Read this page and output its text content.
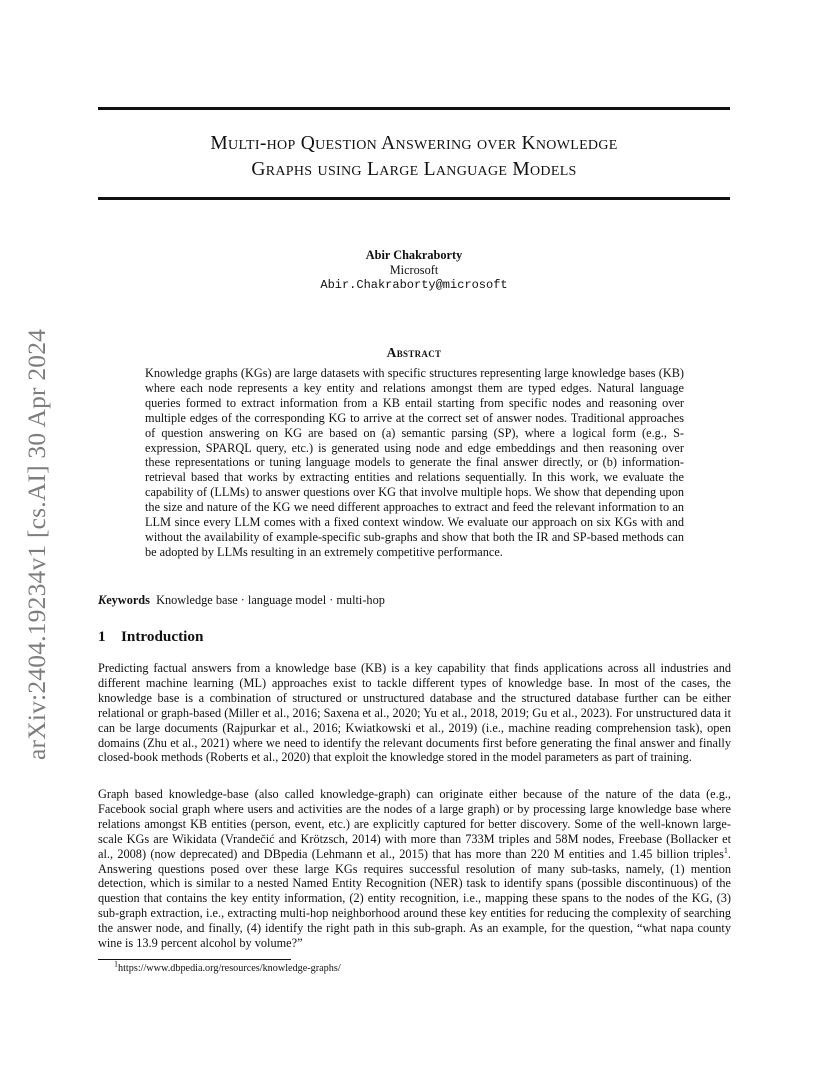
arXiv:2404.19234v1 [cs.AI] 30 Apr 2024
Multi-hop Question Answering over Knowledge
Graphs using Large Language Models
Abir Chakraborty
Microsoft
Abir.Chakraborty@microsoft
Abstract
Knowledge graphs (KGs) are large datasets with specific structures representing large knowledge bases (KB) where each node represents a key entity and relations amongst them are typed edges. Natural language queries formed to extract information from a KB entail starting from specific nodes and reasoning over multiple edges of the corresponding KG to arrive at the correct set of answer nodes. Traditional approaches of question answering on KG are based on (a) semantic parsing (SP), where a logical form (e.g., S-expression, SPARQL query, etc.) is generated using node and edge embeddings and then reasoning over these representations or tuning language models to generate the final answer directly, or (b) information-retrieval based that works by extracting entities and relations sequentially. In this work, we evaluate the capability of (LLMs) to answer questions over KG that involve multiple hops. We show that depending upon the size and nature of the KG we need different approaches to extract and feed the relevant information to an LLM since every LLM comes with a fixed context window. We evaluate our approach on six KGs with and without the availability of example-specific sub-graphs and show that both the IR and SP-based methods can be adopted by LLMs resulting in an extremely competitive performance.
Keywords Knowledge base · language model · multi-hop
1 Introduction
Predicting factual answers from a knowledge base (KB) is a key capability that finds applications across all industries and different machine learning (ML) approaches exist to tackle different types of knowledge base. In most of the cases, the knowledge base is a combination of structured or unstructured database and the structured database further can be either relational or graph-based (Miller et al., 2016; Saxena et al., 2020; Yu et al., 2018, 2019; Gu et al., 2023). For unstructured data it can be large documents (Rajpurkar et al., 2016; Kwiatkowski et al., 2019) (i.e., machine reading comprehension task), open domains (Zhu et al., 2021) where we need to identify the relevant documents first before generating the final answer and finally closed-book methods (Roberts et al., 2020) that exploit the knowledge stored in the model parameters as part of training.
Graph based knowledge-base (also called knowledge-graph) can originate either because of the nature of the data (e.g., Facebook social graph where users and activities are the nodes of a large graph) or by processing large knowledge base where relations amongst KB entities (person, event, etc.) are explicitly captured for better discovery. Some of the well-known large-scale KGs are Wikidata (Vrandečić and Krötzsch, 2014) with more than 733M triples and 58M nodes, Freebase (Bollacker et al., 2008) (now deprecated) and DBpedia (Lehmann et al., 2015) that has more than 220 M entities and 1.45 billion triples$^1$. Answering questions posed over these large KGs requires successful resolution of many sub-tasks, namely, (1) mention detection, which is similar to a nested Named Entity Recognition (NER) task to identify spans (possible discontinuous) of the question that contains the key entity information, (2) entity recognition, i.e., mapping these spans to the nodes of the KG, (3) sub-graph extraction, i.e., extracting multi-hop neighborhood around these key entities for reducing the complexity of searching the answer node, and finally, (4) identify the right path in this sub-graph. As an example, for the question, “what napa county wine is 13.9 percent alcohol by volume?”
$^1$https://www.dbpedia.org/resources/knowledge-graphs/
